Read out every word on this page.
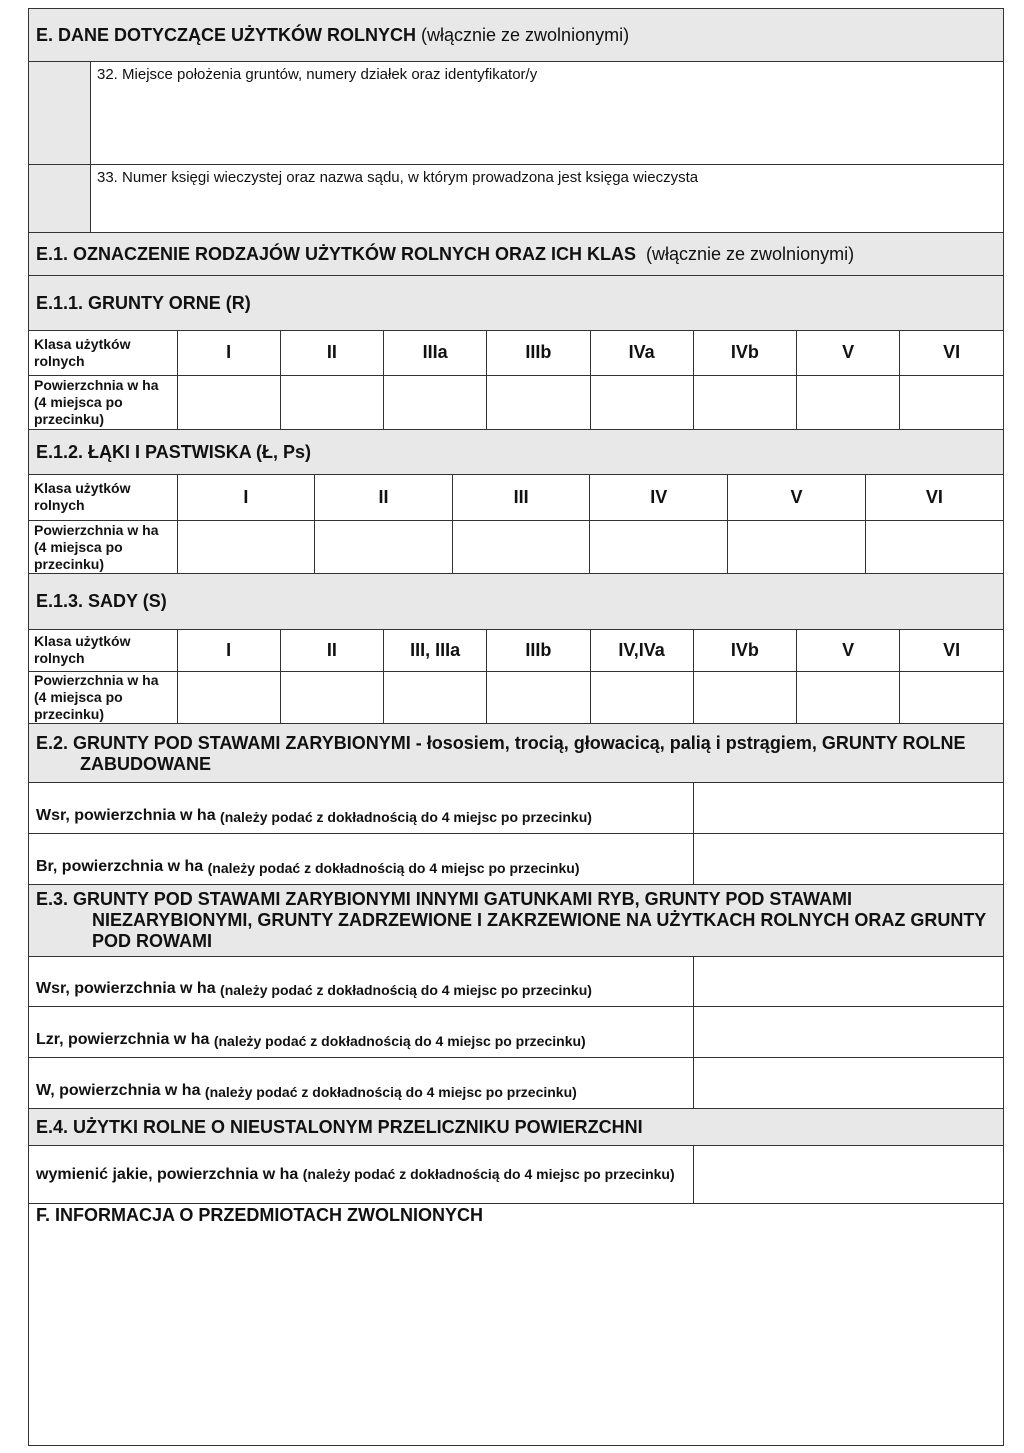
E. DANE DOTYCZĄCE UŻYTKÓW ROLNYCH
(włącznie ze zwolnionymi)
32. Miejsce położenia gruntów, numery działek oraz identyfikator/y
33. Numer księgi wieczystej oraz nazwa sądu, w którym prowadzona jest księga wieczysta
E.1. OZNACZENIE RODZAJÓW UŻYTKÓW ROLNYCH ORAZ ICH KLAS
(włącznie ze zwolnionymi)
E.1.1. GRUNTY ORNE (R)
Klasa użytków rolnych	I	II	IIIa	IIIb	IVa	IVb	V	VI
Powierzchnia w ha (4 miejsca po przecinku)								
E.1.2. ŁĄKI I PASTWISKA (Ł, Ps)
Klasa użytków rolnych	I	II	III	IV	V	VI
Powierzchnia w ha (4 miejsca po przecinku)						
E.1.3. SADY (S)
Klasa użytków rolnych	I	II	III, IIIa	IIIb	IV,IVa	IVb	V	VI
Powierzchnia w ha (4 miejsca po przecinku)								
E.2. GRUNTY POD STAWAMI ZARYBIONYMI - łososiem, trocią, głowacicą, palią i pstrągiem, GRUNTY ROLNE ZABUDOWANE
Wsr, powierzchnia w ha
(należy podać z dokładnością do 4 miejsc po przecinku)
Br, powierzchnia w ha
(należy podać z dokładnością do 4 miejsc po przecinku)
E.3. GRUNTY POD STAWAMI ZARYBIONYMI INNYMI GATUNKAMI RYB, GRUNTY POD STAWAMI NIEZARYBIONYMI, GRUNTY ZADRZEWIONE I ZAKRZEWIONE NA UŻYTKACH ROLNYCH ORAZ GRUNTY POD ROWAMI
Wsr, powierzchnia w ha
(należy podać z dokładnością do 4 miejsc po przecinku)
Lzr, powierzchnia w ha
(należy podać z dokładnością do 4 miejsc po przecinku)
W, powierzchnia w ha
(należy podać z dokładnością do 4 miejsc po przecinku)
E.4. UŻYTKI ROLNE O NIEUSTALONYM PRZELICZNIKU POWIERZCHNI
wymienić jakie, powierzchnia w ha (należy podać z dokładnością do 4 miejsc po przecinku)
F. INFORMACJA O PRZEDMIOTACH ZWOLNIONYCH
